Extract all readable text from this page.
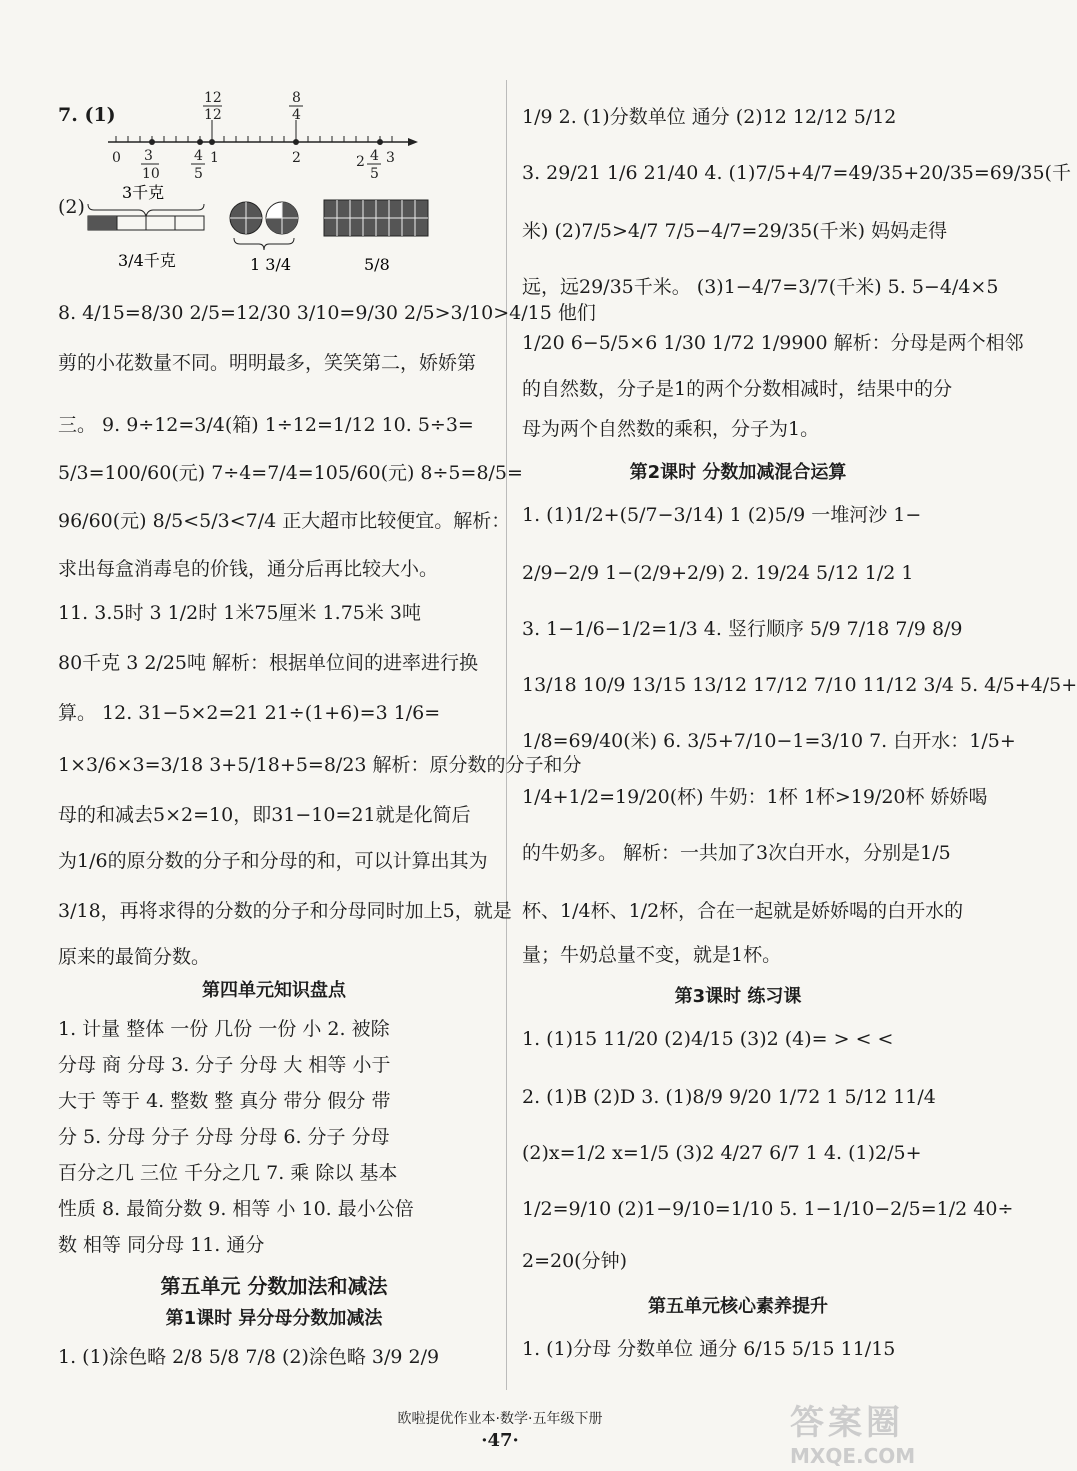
7. (1)
12
12
8
4
0 3
10
4
5
1	2	2 4
5
3
(2)
3千克
3/4千克	1 3/4	5/8
8. 4/15=8/30 2/5=12/30 3/10=9/30 2/5>3/10>4/15 他们
剪的小花数量不同。明明最多，笑笑第二，娇娇第
三。 9. 9÷12=3/4(箱) 1÷12=1/12 10. 5÷3=
5/3=100/60(元) 7÷4=7/4=105/60(元) 8÷5=8/5=
96/60(元) 8/5<5/3<7/4 正大超市比较便宜。解析：
求出每盒消毒皂的价钱，通分后再比较大小。
11. 3.5时 3 1/2时 1米75厘米 1.75米 3吨
80千克 3 2/25吨 解析：根据单位间的进率进行换
算。 12. 31−5×2=21 21÷(1+6)=3 1/6=
1×3/6×3=3/18 3+5/18+5=8/23 解析：原分数的分子和分
母的和减去5×2=10，即31−10=21就是化简后
为1/6的原分数的分子和分母的和，可以计算出其为
3/18，再将求得的分数的分子和分母同时加上5，就是
原来的最简分数。
第四单元知识盘点
1. 计量 整体 一份 几份 一份 小 2. 被除
分母 商 分母 3. 分子 分母 大 相等 小于
大于 等于 4. 整数 整 真分 带分 假分 带
分 5. 分母 分子 分母 分母 6. 分子 分母
百分之几 三位 千分之几 7. 乘 除以 基本
性质 8. 最简分数 9. 相等 小 10. 最小公倍
数 相等 同分母 11. 通分
第五单元 分数加法和减法
第1课时 异分母分数加减法
1. (1)涂色略 2/8 5/8 7/8 (2)涂色略 3/9 2/9
1/9 2. (1)分数单位 通分 (2)12 12/12 5/12
3. 29/21 1/6 21/40 4. (1)7/5+4/7=49/35+20/35=69/35(千
米) (2)7/5>4/7 7/5−4/7=29/35(千米) 妈妈走得
远，远29/35千米。 (3)1−4/7=3/7(千米) 5. 5−4/4×5
1/20 6−5/5×6 1/30 1/72 1/9900 解析：分母是两个相邻
的自然数，分子是1的两个分数相减时，结果中的分
母为两个自然数的乘积，分子为1。
第2课时 分数加减混合运算
1. (1)1/2+(5/7−3/14) 1 (2)5/9 一堆河沙 1−
2/9−2/9 1−(2/9+2/9) 2. 19/24 5/12 1/2 1
3. 1−1/6−1/2=1/3 4. 竖行顺序 5/9 7/18 7/9 8/9
13/18 10/9 13/15 13/12 17/12 7/10 11/12 3/4 5. 4/5+4/5+
1/8=69/40(米) 6. 3/5+7/10−1=3/10 7. 白开水：1/5+
1/4+1/2=19/20(杯) 牛奶：1杯 1杯>19/20杯 娇娇喝
的牛奶多。 解析：一共加了3次白开水，分别是1/5
杯、1/4杯、1/2杯，合在一起就是娇娇喝的白开水的
量；牛奶总量不变，就是1杯。
第3课时 练习课
1. (1)15 11/20 (2)4/15 (3)2 (4)= > < <
2. (1)B (2)D 3. (1)8/9 9/20 1/72 1 5/12 11/4
(2)x=1/2 x=1/5 (3)2 4/27 6/7 1 4. (1)2/5+
1/2=9/10 (2)1−9/10=1/10 5. 1−1/10−2/5=1/2 40÷
2=20(分钟)
第五单元核心素养提升
1. (1)分母 分数单位 通分 6/15 5/15 11/15
欧啦提优作业本·数学·五年级下册
·47·	答案圈
MXQE.COM
